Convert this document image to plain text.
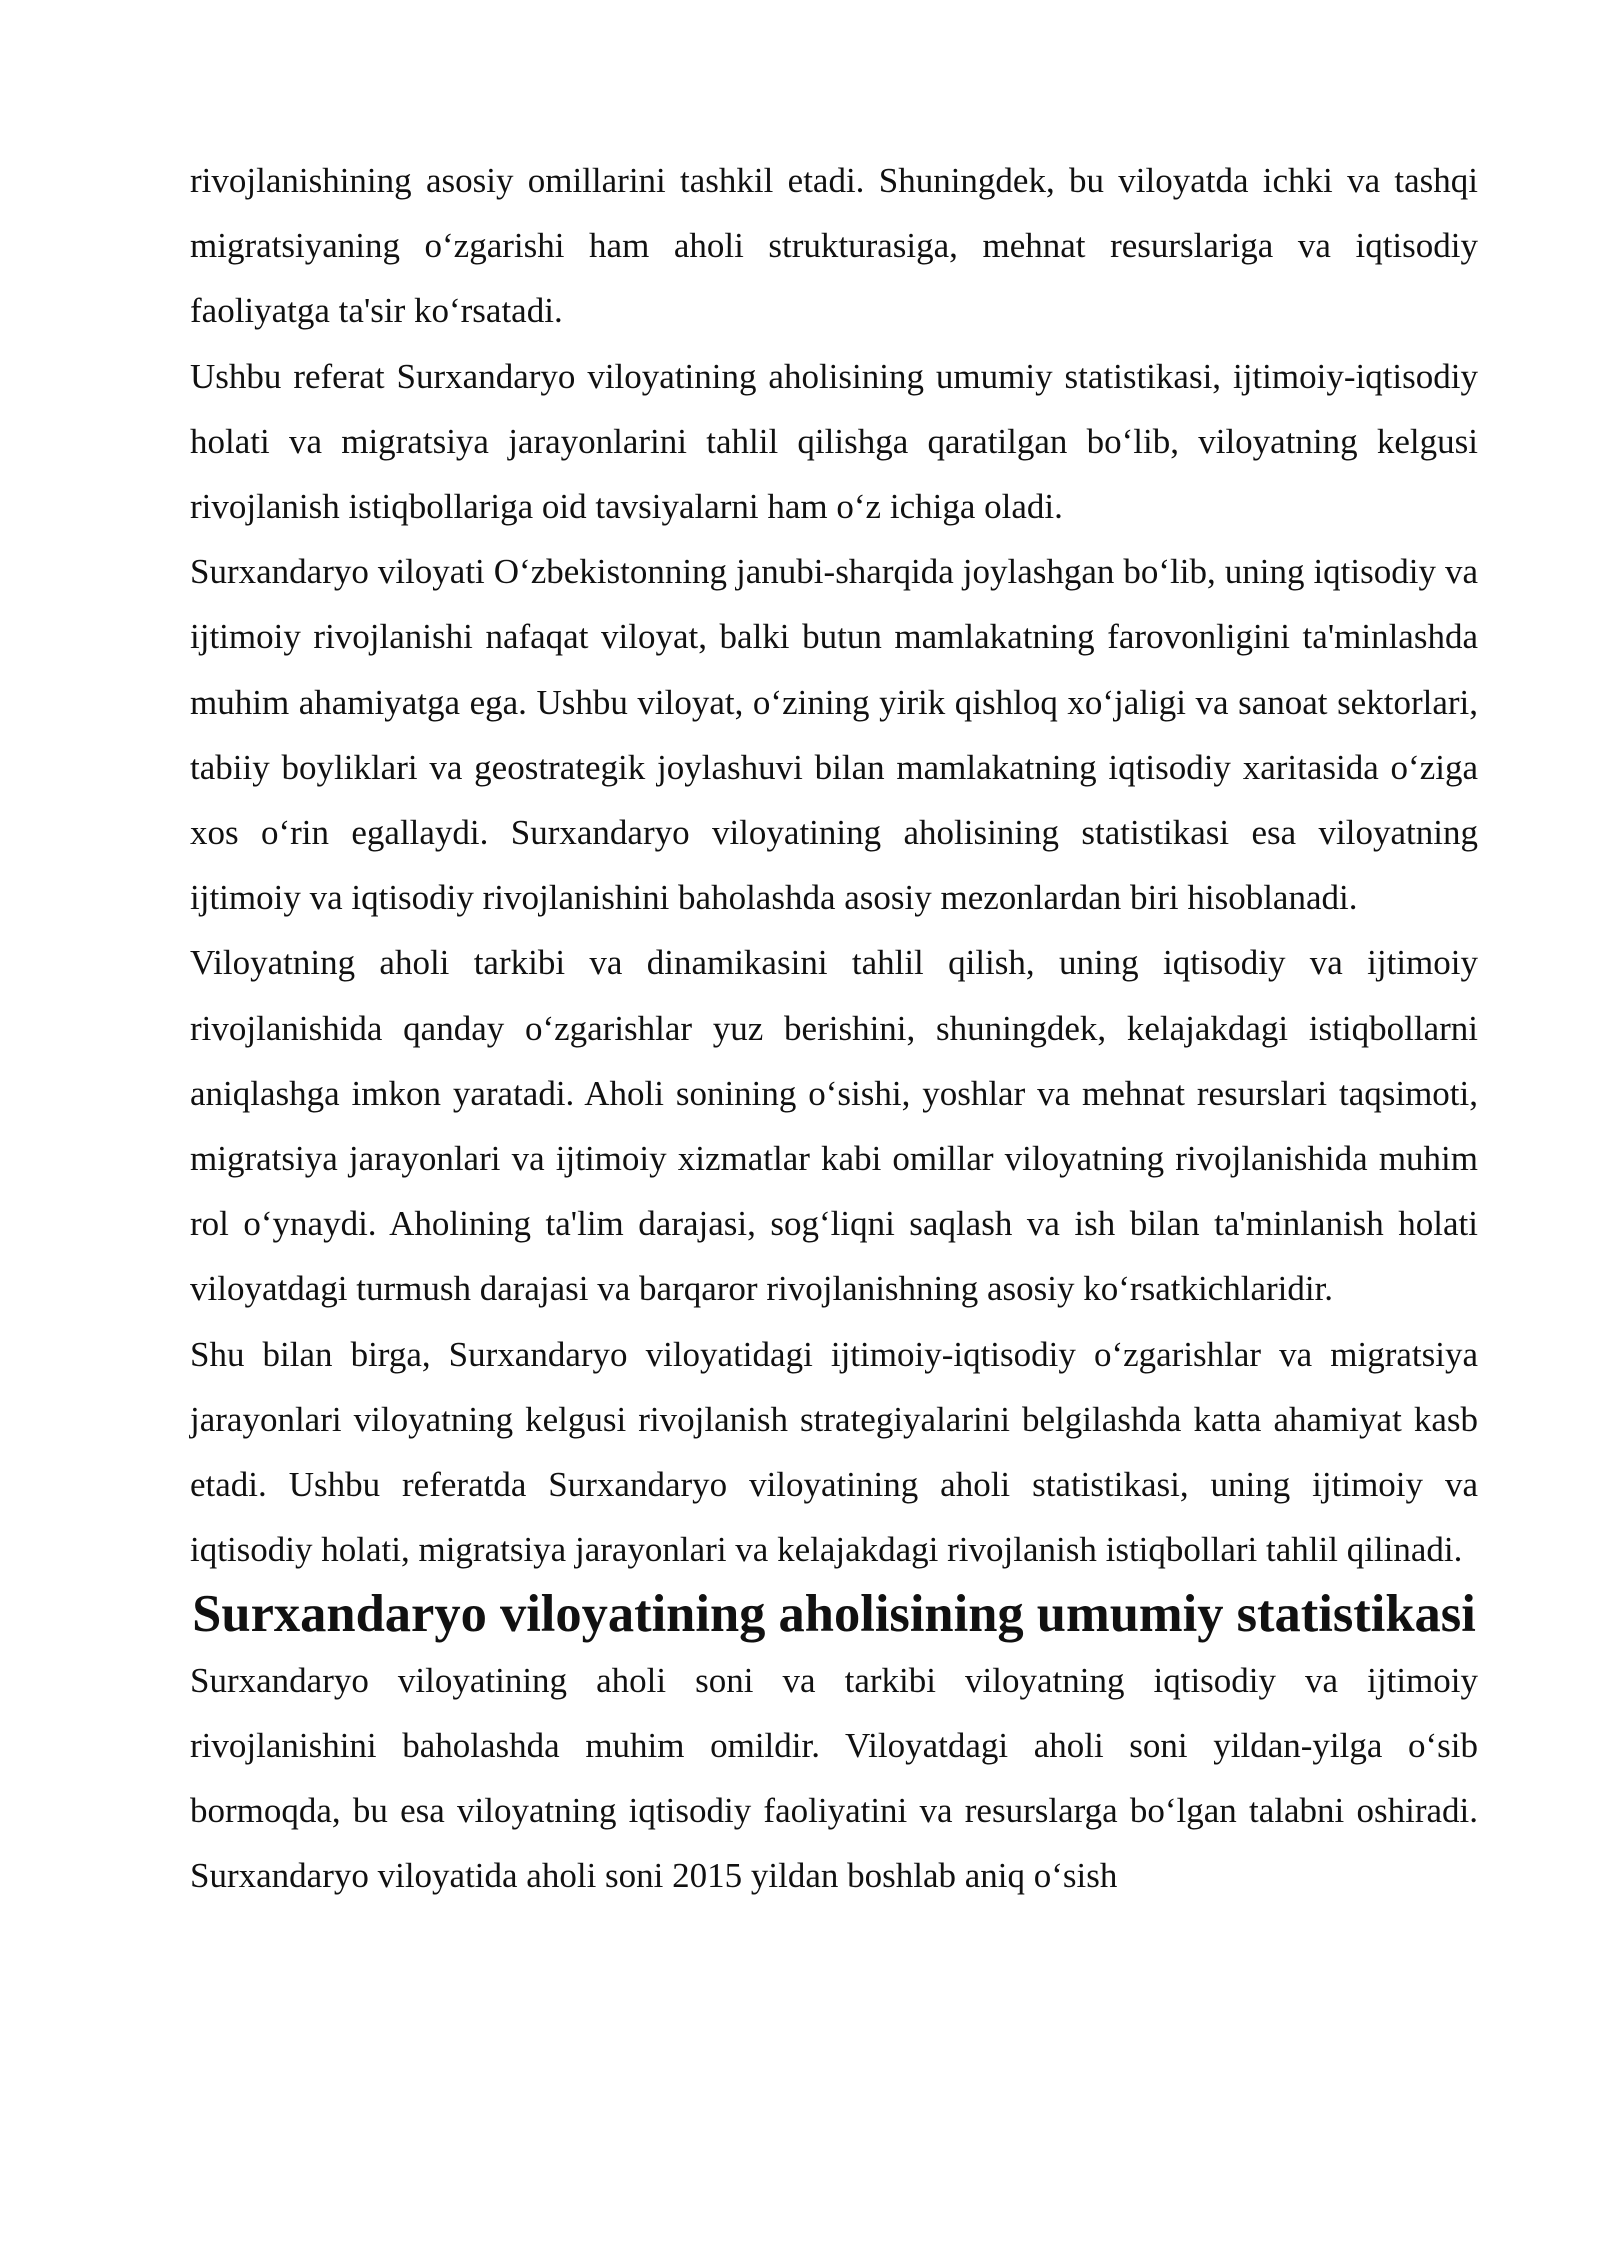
rivojlanishining asosiy omillarini tashkil etadi. Shuningdek, bu viloyatda ichki va tashqi migratsiyaning o‘zgarishi ham aholi strukturasiga, mehnat resurslariga va iqtisodiy faoliyatga ta'sir ko‘rsatadi.

Ushbu referat Surxandaryo viloyatining aholisining umumiy statistikasi, ijtimoiy-iqtisodiy holati va migratsiya jarayonlarini tahlil qilishga qaratilgan bo‘lib, viloyatning kelgusi rivojlanish istiqbollariga oid tavsiyalarni ham o‘z ichiga oladi.

Surxandaryo viloyati O‘zbekistonning janubi-sharqida joylashgan bo‘lib, uning iqtisodiy va ijtimoiy rivojlanishi nafaqat viloyat, balki butun mamlakatning farovonligini ta'minlashda muhim ahamiyatga ega. Ushbu viloyat, o‘zining yirik qishloq xo‘jaligi va sanoat sektorlari, tabiiy boyliklari va geostrategik joylashuvi bilan mamlakatning iqtisodiy xaritasida o‘ziga xos o‘rin egallaydi. Surxandaryo viloyatining aholisining statistikasi esa viloyatning ijtimoiy va iqtisodiy rivojlanishini baholashda asosiy mezonlardan biri hisoblanadi.

Viloyatning aholi tarkibi va dinamikasini tahlil qilish, uning iqtisodiy va ijtimoiy rivojlanishida qanday o‘zgarishlar yuz berishini, shuningdek, kelajakdagi istiqbollarni aniqlashga imkon yaratadi. Aholi sonining o‘sishi, yoshlar va mehnat resurslari taqsimoti, migratsiya jarayonlari va ijtimoiy xizmatlar kabi omillar viloyatning rivojlanishida muhim rol o‘ynaydi. Aholining ta'lim darajasi, sog‘liqni saqlash va ish bilan ta'minlanish holati viloyatdagi turmush darajasi va barqaror rivojlanishning asosiy ko‘rsatkichlaridir.

Shu bilan birga, Surxandaryo viloyatidagi ijtimoiy-iqtisodiy o‘zgarishlar va migratsiya jarayonlari viloyatning kelgusi rivojlanish strategiyalarini belgilashda katta ahamiyat kasb etadi. Ushbu referatda Surxandaryo viloyatining aholi statistikasi, uning ijtimoiy va iqtisodiy holati, migratsiya jarayonlari va kelajakdagi rivojlanish istiqbollari tahlil qilinadi.

Surxandaryo viloyatining aholisining umumiy statistikasi

Surxandaryo viloyatining aholi soni va tarkibi viloyatning iqtisodiy va ijtimoiy rivojlanishini baholashda muhim omildir. Viloyatdagi aholi soni yildan-yilga o‘sib bormoqda, bu esa viloyatning iqtisodiy faoliyatini va resurslarga bo‘lgan talabni oshiradi. Surxandaryo viloyatida aholi soni 2015 yildan boshlab aniq o‘sish
